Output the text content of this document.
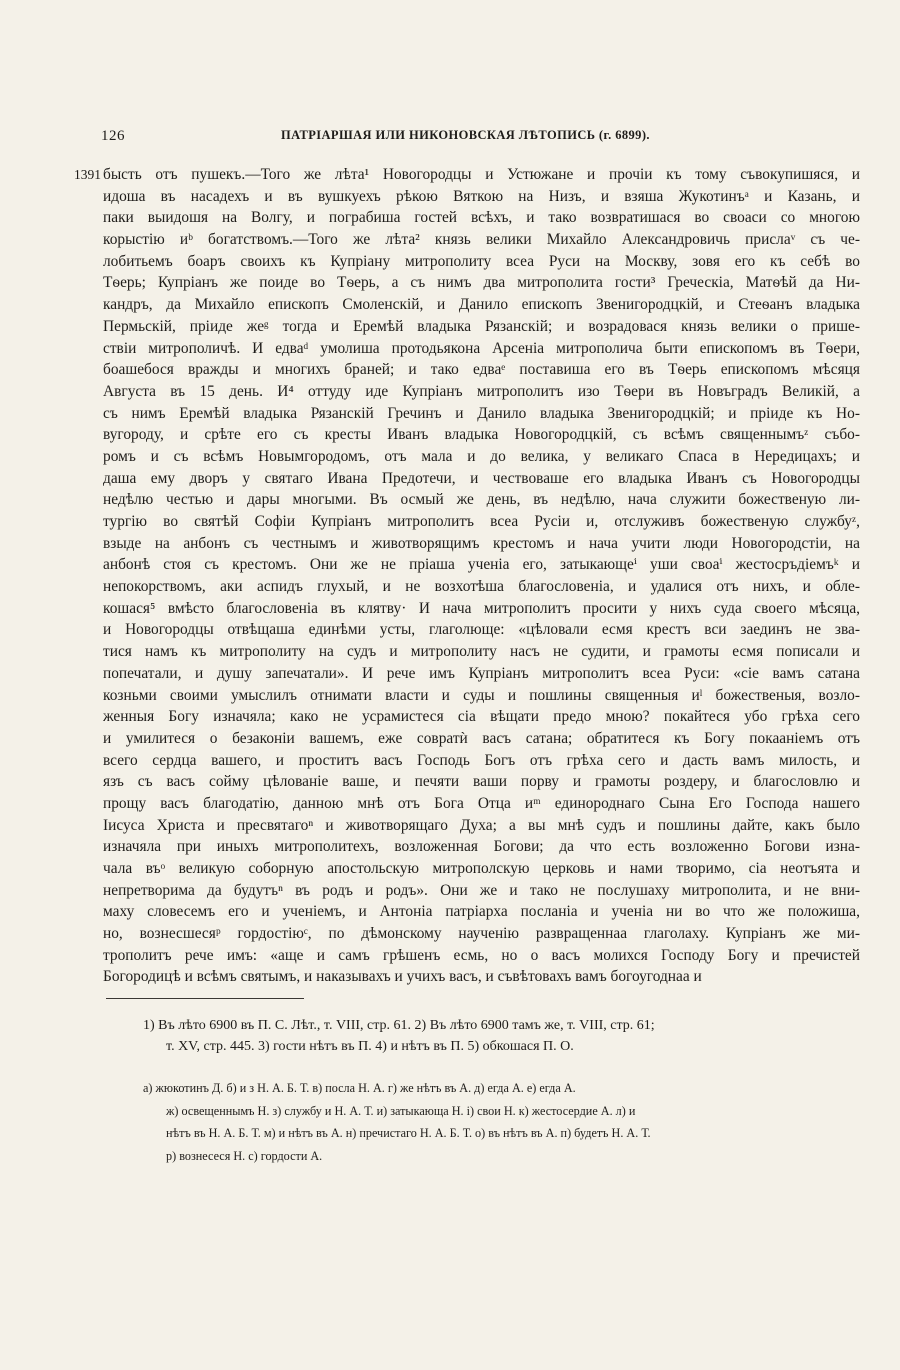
126	ПАТРІАРШАЯ ИЛИ НИКОНОВСКАЯ ЛѢТОПИСЬ (г. 6899).
1391 бысть отъ пушекъ.—Того же лѣта¹ Новогородцы и Устюжане и прочіи къ тому съвокупишяся, и
идоша въ насадехъ и въ вушкуехъ рѣкою Вяткою на Низъ, и взяша Жукотинъᵃ и Казань, и
паки выидошя на Волгу, и пограбиша гостей всѣхъ, и тако возвратишася во своаси со многою
корыстію иᵇ богатствомъ.—Того же лѣта² князь велики Михайло Александровичь прислаᵛ съ че-
лобитьемъ боаръ своихъ къ Купріану митрополиту всеа Руси на Москву, зовя его къ себѣ во
Тѳерь; Купріанъ же поиде во Тѳерь, а съ нимъ два митрополита гости³ Греческіа, Матѳѣй да Ни-
кандръ, да Михайло епископъ Смоленскій, и Данило епископъ Звенигородцкій, и Стеѳанъ владыка
Пермьскій, пріиде жеᵍ тогда и Еремѣй владыка Рязанскій; и возрадовася князь велики о прише-
ствіи митрополичѣ. И едваᵈ умолиша протодьякона Арсеніа митрополича быти епископомъ въ Тѳери,
боашебося вражды и многихъ браней; и тако едваᵉ поставиша его въ Тѳерь епископомъ мѣсяця
Августа въ 15 день. И⁴ оттуду иде Купріанъ митрополитъ изо Тѳери въ Новъградъ Великій, а
съ нимъ Еремѣй владыка Рязанскій Гречинъ и Данило владыка Звенигородцкій; и пріиде къ Но-
вугороду, и срѣте его съ кресты Иванъ владыка Новогородцкій, съ всѣмъ священнымъᶻ събо-
ромъ и съ всѣмъ Новымгородомъ, отъ мала и до велика, у великаго Спаса в Нередицахъ; и
даша ему дворъ у святаго Ивана Предотечи, и чествоваше его владыка Иванъ съ Новогородцы
недѣлю честью и дары многыми. Въ осмый же день, въ недѣлю, нача служити божественую ли-
тургію во святѣй Софіи Купріанъ митрополитъ всеа Русіи и, отслуживъ божественую службуᶻ,
взыде на анбонъ съ честнымъ и животворящимъ крестомъ и нача учити люди Новогородстіи, на
анбонѣ стоя съ крестомъ. Они же не пріаша ученіа его, затыкающеⁱ уши своаⁱ жестосръдіемъᵏ и
непокорствомъ, аки аспидъ глухый, и не возхотѣша благословеніа, и удалися отъ нихъ, и облe-
кошася⁵ вмѣсто благословеніа въ клятву· И нача митрополитъ просити у нихъ суда своего мѣсяца,
и Новогородцы отвѣщаша единѣми усты, глаголюще: «цѣловали есмя крестъ вси заединъ не зва-
тися намъ къ митрополиту на судъ и митрополиту насъ не судити, и грамоты есмя пописали и
попечатали, и душу запечатали». И рече имъ Купріанъ митрополитъ всеа Руси: «сіе вамъ сатана
козньми своими умыслилъ отнимати власти и суды и пошлины священныя иˡ божественыя, возло-
женныя Богу изначяла; како не усрамистеся сіа вѣщати предо мною? покайтеся убо грѣха сего
и умилитеся о безаконіи вашемъ, еже совратѝ васъ сатана; обратитеся къ Богу покааніемъ отъ
всего сердца вашего, и проститъ васъ Господь Богъ отъ грѣха сего и дасть вамъ милость, и
язъ съ васъ сойму цѣлованіе ваше, и печяти ваши порву и грамоты роздеру, и благословлю и
прощу васъ благодатію, данною мнѣ отъ Бога Отца иᵐ единороднаго Сына Его Господа нашего
Іисуса Христа и пресвятагоⁿ и животворящаго Духа; а вы мнѣ судъ и пошлины дайте, какъ было
изначяла при иныхъ митрополитехъ, возложенная Богови; да что есть возложенно Богови изна-
чала въᵒ великую соборную апостольскую митрополскую церковь и нами творимо, сіа неотъята и
непретворима да будутъⁿ въ родъ и родъ». Они же и тако не послушаху митрополита, и не вни-
маху словесемъ его и ученіемъ, и Антоніа патріарха посланіа и ученіа ни во что же положиша,
но, вознесшесяᵖ гордостіюᶜ, по дѣмонскому наученію развращеннаа глаголаху. Купріанъ же ми-
трополитъ рече имъ: «аще и самъ грѣшенъ есмь, но о васъ молихся Господу Богу и пречистей
Богородицѣ и всѣмъ святымъ, и наказывахъ и учихъ васъ, и съвѣтовахъ вамъ богоугоднаа и
1) Въ лѣто 6900 въ П. С. Лѣт., т. VIII, стр. 61. 2) Въ лѣто 6900 тамъ же, т. VIII, стр. 61;
т. XV, стр. 445. 3) гости нѣтъ въ П. 4) и нѣтъ въ П. 5) обкошася П. О.
а) жюкотинъ Д. б) и з Н. А. Б. Т. в) посла Н. А. г) же нѣтъ въ А. д) егда А. е) егда А.
ж) освещеннымъ Н. з) службу и Н. А. Т. и) затыкающа Н. і) свои Н. к) жестосердие А. л) и
нѣтъ въ Н. А. Б. Т. м) и нѣтъ въ А. н) пречистаго Н. А. Б. Т. о) въ нѣтъ въ А. п) будетъ Н. А. Т.
р) вознесеся Н. с) гордости А.
